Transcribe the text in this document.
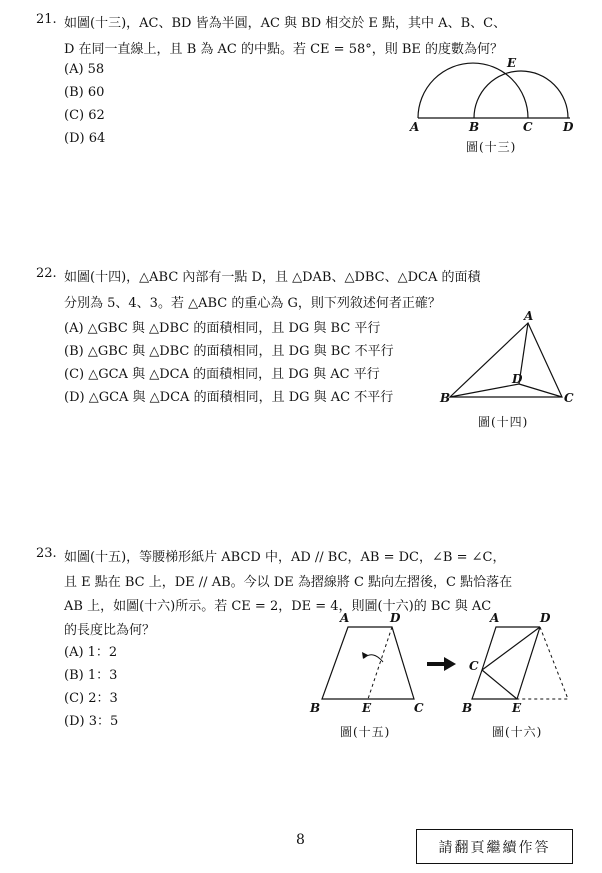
21. 如圖(十三)，AC、BD 皆為半圓，AC 與 BD 相交於 E 點，其中 A、B、C、
D 在同一直線上，且 B 為 AC 的中點。若 CE = 58°，則 BE 的度數為何？
(A) 58
(B) 60
(C) 62
(D) 64
A	B	C	D
E
A
B	C
D
A	D
B	E	C
A	D
C
B	E
圖(十三)
22. 如圖(十四)，△ABC 內部有一點 D，且 △DAB、△DBC、△DCA 的面積
分別為 5、4、3。若 △ABC 的重心為 G，則下列敘述何者正確？
(A) △GBC 與 △DBC 的面積相同，且 DG 與 BC 平行
(B) △GBC 與 △DBC 的面積相同，且 DG 與 BC 不平行
(C) △GCA 與 △DCA 的面積相同，且 DG 與 AC 平行
(D) △GCA 與 △DCA 的面積相同，且 DG 與 AC 不平行
圖(十四)
23. 如圖(十五)，等腰梯形紙片 ABCD 中，AD // BC，AB = DC，∠B = ∠C，
且 E 點在 BC 上，DE // AB。今以 DE 為摺線將 C 點向左摺後，C 點恰落在
AB 上，如圖(十六)所示。若 CE = 2，DE = 4，則圖(十六)的 BC 與 AC
的長度比為何？
(A) 1：2
(B) 1：3
(C) 2：3
(D) 3：5
圖(十五)	圖(十六)
8	請翻頁繼續作答
